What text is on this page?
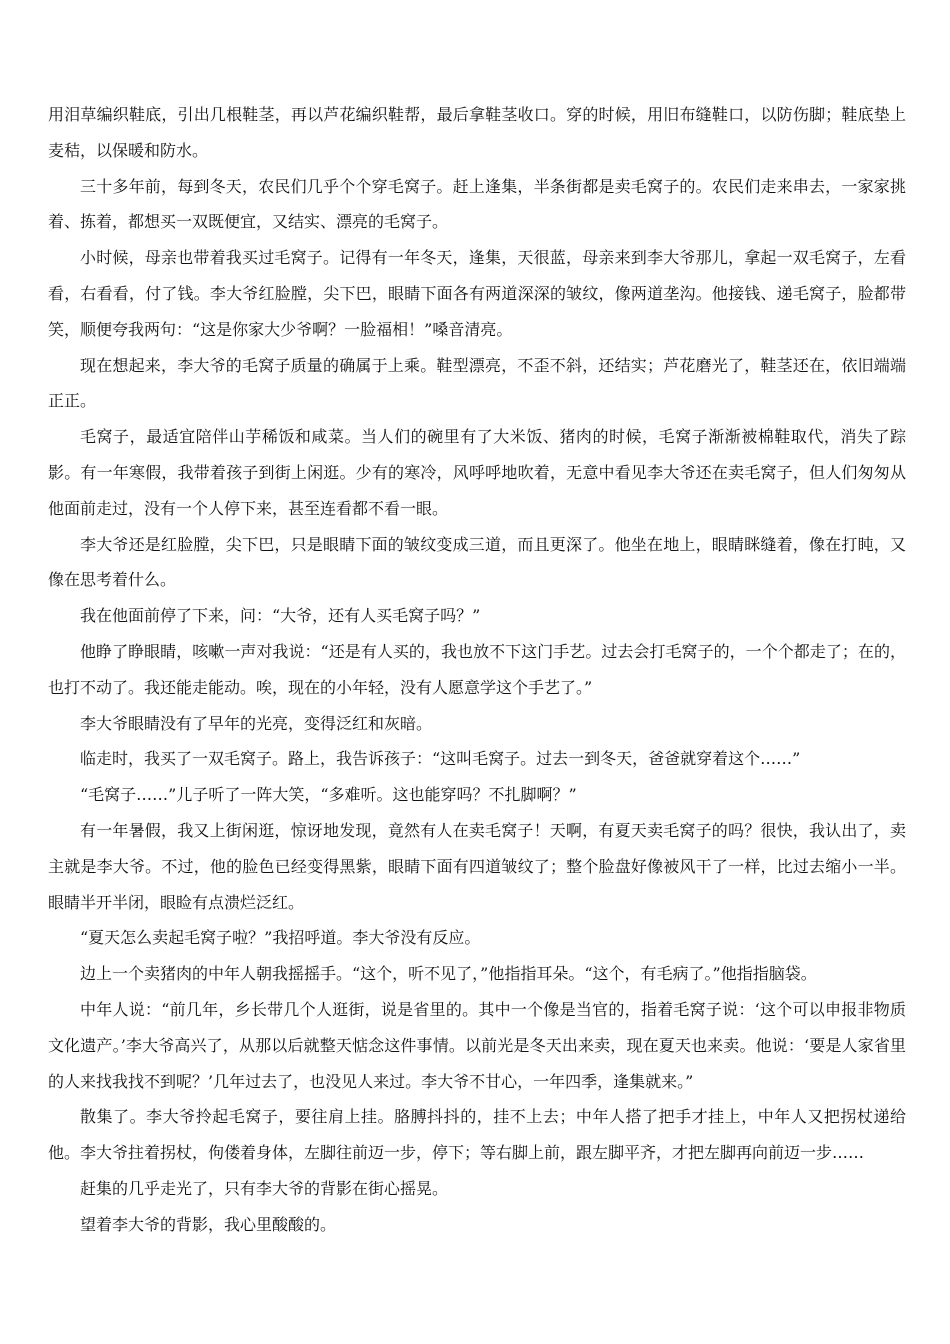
用泪草编织鞋底，引出几根鞋茎，再以芦花编织鞋帮，最后拿鞋茎收口。穿的时候，用旧布缝鞋口，以防伤脚；鞋底垫上麦秸，以保暖和防水。

三十多年前，每到冬天，农民们几乎个个穿毛窝子。赶上逢集，半条街都是卖毛窝子的。农民们走来串去，一家家挑着、拣着，都想买一双既便宜，又结实、漂亮的毛窝子。

小时候，母亲也带着我买过毛窝子。记得有一年冬天，逢集，天很蓝，母亲来到李大爷那儿，拿起一双毛窝子，左看看，右看看，付了钱。李大爷红脸膛，尖下巴，眼睛下面各有两道深深的皱纹，像两道垄沟。他接钱、递毛窝子，脸都带笑，顺便夸我两句：“这是你家大少爷啊？一脸福相！”嗓音清亮。

现在想起来，李大爷的毛窝子质量的确属于上乘。鞋型漂亮，不歪不斜，还结实；芦花磨光了，鞋茎还在，依旧端端正正。

毛窝子，最适宜陪伴山芋稀饭和咸菜。当人们的碗里有了大米饭、猪肉的时候，毛窝子渐渐被棉鞋取代，消失了踪影。有一年寒假，我带着孩子到街上闲逛。少有的寒冷，风呼呼地吹着，无意中看见李大爷还在卖毛窝子，但人们匆匆从他面前走过，没有一个人停下来，甚至连看都不看一眼。

李大爷还是红脸膛，尖下巴，只是眼睛下面的皱纹变成三道，而且更深了。他坐在地上，眼睛眯缝着，像在打盹，又像在思考着什么。

我在他面前停了下来，问：“大爷，还有人买毛窝子吗？”

他睁了睁眼睛，咳嗽一声对我说：“还是有人买的，我也放不下这门手艺。过去会打毛窝子的，一个个都走了；在的，也打不动了。我还能走能动。唉，现在的小年轻，没有人愿意学这个手艺了。”

李大爷眼睛没有了早年的光亮，变得泛红和灰暗。

临走时，我买了一双毛窝子。路上，我告诉孩子：“这叫毛窝子。过去一到冬天，爸爸就穿着这个……”

“毛窝子……”儿子听了一阵大笑，“多难听。这也能穿吗？不扎脚啊？”

有一年暑假，我又上街闲逛，惊讶地发现，竟然有人在卖毛窝子！天啊，有夏天卖毛窝子的吗？很快，我认出了，卖主就是李大爷。不过，他的脸色已经变得黑紫，眼睛下面有四道皱纹了；整个脸盘好像被风干了一样，比过去缩小一半。眼睛半开半闭，眼睑有点溃烂泛红。

“夏天怎么卖起毛窝子啦？”我招呼道。李大爷没有反应。

边上一个卖猪肉的中年人朝我摇摇手。“这个，听不见了，”他指指耳朵。“这个，有毛病了。”他指指脑袋。

中年人说：“前几年，乡长带几个人逛街，说是省里的。其中一个像是当官的，指着毛窝子说：‘这个可以申报非物质文化遗产。’李大爷高兴了，从那以后就整天惦念这件事情。以前光是冬天出来卖，现在夏天也来卖。他说：‘要是人家省里的人来找我找不到呢？’几年过去了，也没见人来过。李大爷不甘心，一年四季，逢集就来。”

散集了。李大爷拎起毛窝子，要往肩上挂。胳膊抖抖的，挂不上去；中年人搭了把手才挂上，中年人又把拐杖递给他。李大爷拄着拐杖，佝偻着身体，左脚往前迈一步，停下；等右脚上前，跟左脚平齐，才把左脚再向前迈一步……

赶集的几乎走光了，只有李大爷的背影在街心摇晃。

望着李大爷的背影，我心里酸酸的。
